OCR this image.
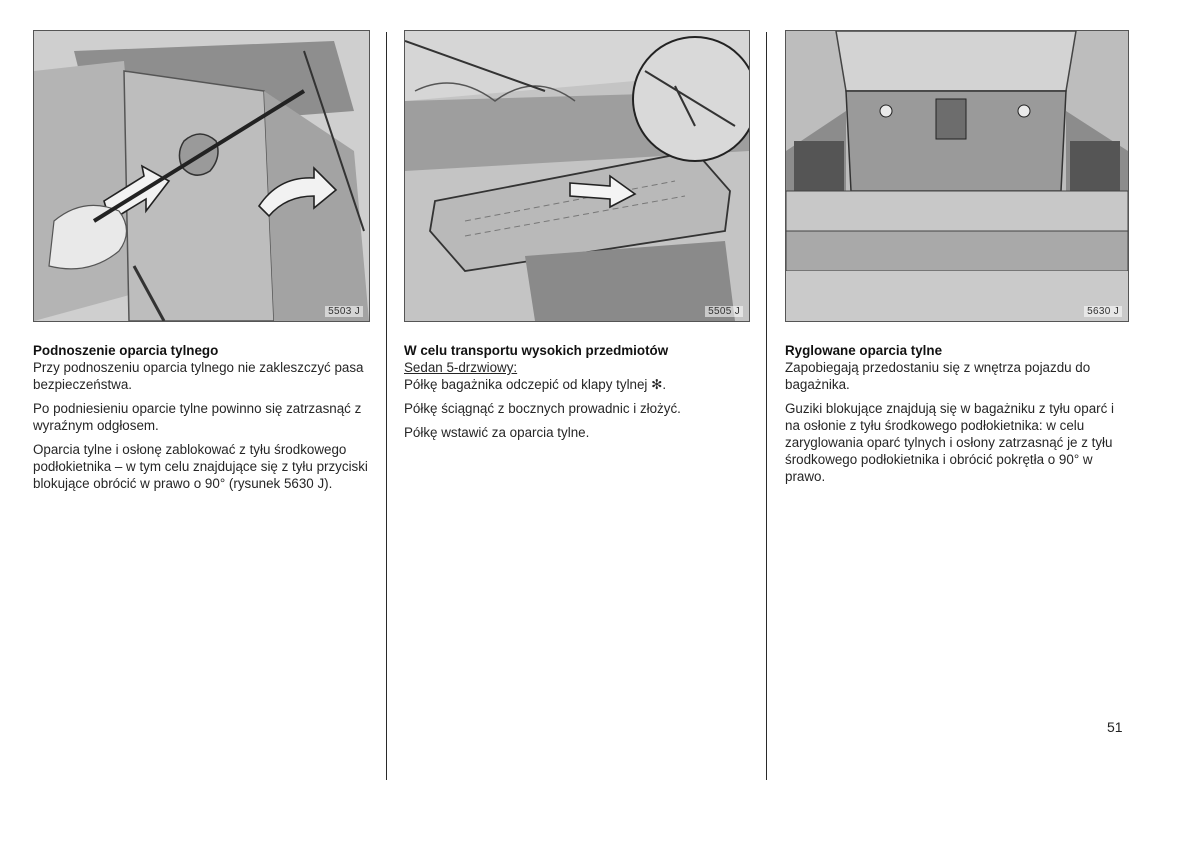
5503 J	5505 J	5630 J
Podnoszenie oparcia tylnego

Przy podnoszeniu oparcia tylnego nie zakleszczyć pasa bezpieczeństwa.

Po podniesieniu oparcie tylne powinno się zatrzasnąć z wyraźnym odgłosem.

Oparcia tylne i osłonę zablokować z tyłu środkowego podłokietnika – w tym celu znajdujące się z tyłu przyciski blokujące obrócić w prawo o 90° (rysunek 5630 J).

W celu transportu wysokich przedmiotów
Sedan 5-drzwiowy:

Półkę bagażnika odczepić od klapy tylnej ✻.

Półkę ściągnąć z bocznych prowadnic i złożyć.

Półkę wstawić za oparcia tylne.

Ryglowane oparcia tylne

Zapobiegają przedostaniu się z wnętrza pojazdu do bagażnika.

Guziki blokujące znajdują się w bagażniku z tyłu oparć i na osłonie z tyłu środkowego podłokietnika: w celu zaryglowania oparć tylnych i osłony zatrzasnąć je z tyłu środkowego podłokietnika i obrócić pokrętła o 90° w prawo.

51
